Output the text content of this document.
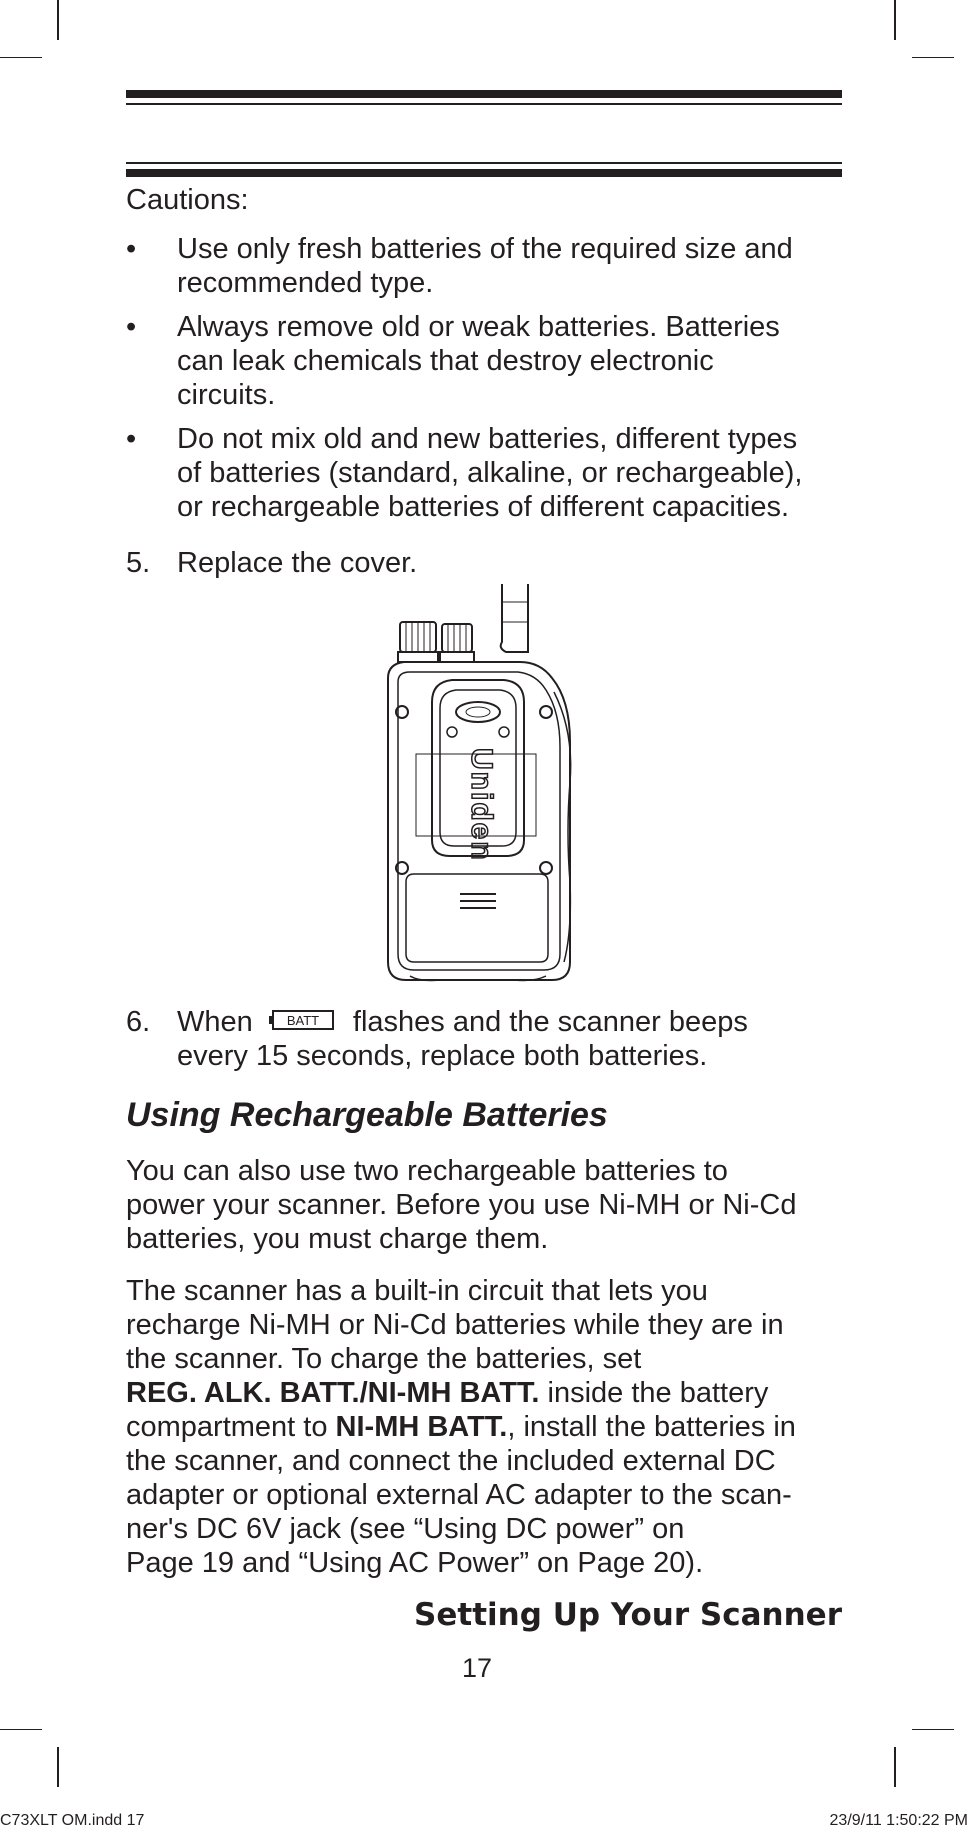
Cautions:
• Use only fresh batteries of the required size and
recommended type.
• Always remove old or weak batteries. Batteries
can leak chemicals that destroy electronic
circuits.
• Do not mix old and new batteries, different types
of batteries (standard, alkaline, or rechargeable),
or rechargeable batteries of different capacities.
5. Replace the cover.
Uniden
6. When	BATT flashes and the scanner beeps
every 15 seconds, replace both batteries.
Using Rechargeable Batteries
You can also use two rechargeable batteries to
power your scanner. Before you use Ni-MH or Ni-Cd
batteries, you must charge them.
The scanner has a built-in circuit that lets you
recharge Ni-MH or Ni-Cd batteries while they are in
the scanner. To charge the batteries, set
REG. ALK. BATT./NI-MH BATT. inside the battery
compartment to NI-MH BATT., install the batteries in
the scanner, and connect the included external DC
adapter or optional external AC adapter to the scan-
ner's DC 6V jack (see “Using DC power” on
Page 19 and “Using AC Power” on Page 20).
Setting Up Your Scanner
17
C73XLT OM.indd 17	23/9/11 1:50:22 PM
